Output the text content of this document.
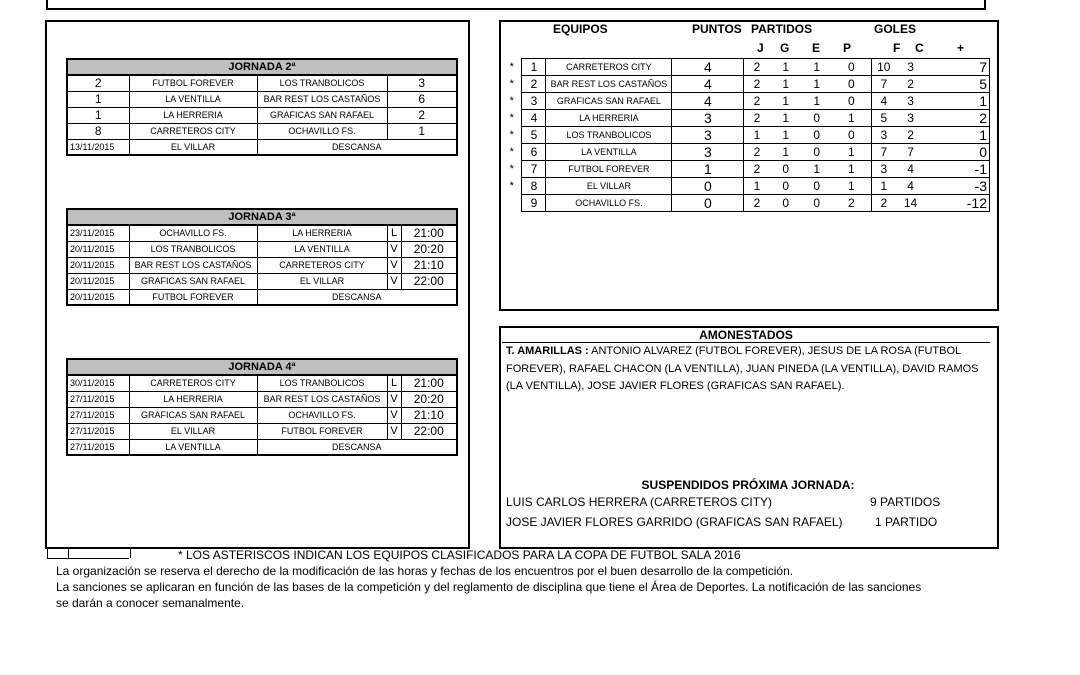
JORNADA 2ª			
2	FUTBOL FOREVER	LOS TRANBOLICOS	3
1	LA VENTILLA	BAR REST LOS CASTAÑOS	6
1	LA HERRERIA	GRAFICAS SAN RAFAEL	2
8	CARRETEROS CITY	OCHAVILLO FS.	1
13/11/2015	EL VILLAR	DESCANSA	
JORNADA 3ª				
23/11/2015	OCHAVILLO FS.	LA HERRERIA	L	21:00
20/11/2015	LOS TRANBOLICOS	LA VENTILLA	V	20:20
20/11/2015	BAR REST LOS CASTAÑOS	CARRETEROS CITY	V	21:10
20/11/2015	GRAFICAS SAN RAFAEL	EL VILLAR	V	22:00
20/11/2015	FUTBOL FOREVER	DESCANSA		
JORNADA 4ª				
30/11/2015	CARRETEROS CITY	LOS TRANBOLICOS	L	21:00
27/11/2015	LA HERRERIA	BAR REST LOS CASTAÑOS	V	20:20
27/11/2015	GRAFICAS SAN RAFAEL	OCHAVILLO FS.	V	21:10
27/11/2015	EL VILLAR	FUTBOL FOREVER	V	22:00
27/11/2015	LA VENTILLA	DESCANSA		
EQUIPOS	PUNTOS PARTIDOS	GOLES
J G E P	F C	+
*	1	CARRETEROS CITY	4	2	1	1	0	10	3	7
*	2	BAR REST LOS CASTAÑOS	4	2	1	1	0	7	2	5
*	3	GRAFICAS SAN RAFAEL	4	2	1	1	0	4	3	1
*	4	LA HERRERIA	3	2	1	0	1	5	3	2
*	5	LOS TRANBOLICOS	3	1	1	0	0	3	2	1
*	6	LA VENTILLA	3	2	1	0	1	7	7	0
*	7	FUTBOL FOREVER	1	2	0	1	1	3	4	-1
*	8	EL VILLAR	0	1	0	0	1	1	4	-3
	9	OCHAVILLO FS.	0	2	0	0	2	2	14	-12
AMONESTADOS
T. AMARILLAS : ANTONIO ALVAREZ (FUTBOL FOREVER), JESUS DE LA ROSA (FUTBOL FOREVER), RAFAEL CHACON (LA VENTILLA), JUAN PINEDA (LA VENTILLA), DAVID RAMOS (LA VENTILLA), JOSE JAVIER FLORES (GRAFICAS SAN RAFAEL).
SUSPENDIDOS PRÓXIMA JORNADA:
LUIS CARLOS HERRERA (CARRETEROS CITY)	9 PARTIDOS
JOSE JAVIER FLORES GARRIDO (GRAFICAS SAN RAFAEL)	1 PARTIDO
* LOS ASTERISCOS INDICAN LOS EQUIPOS CLASIFICADOS PARA LA COPA DE FUTBOL SALA 2016
La organización se reserva el derecho de la modificación de las horas y fechas de los encuentros por el buen desarrollo de la competición.
La sanciones se aplicaran en función de las bases de la competición y del reglamento de disciplina que tiene el Área de Deportes. La notificación de las sanciones
se darán a conocer semanalmente.
